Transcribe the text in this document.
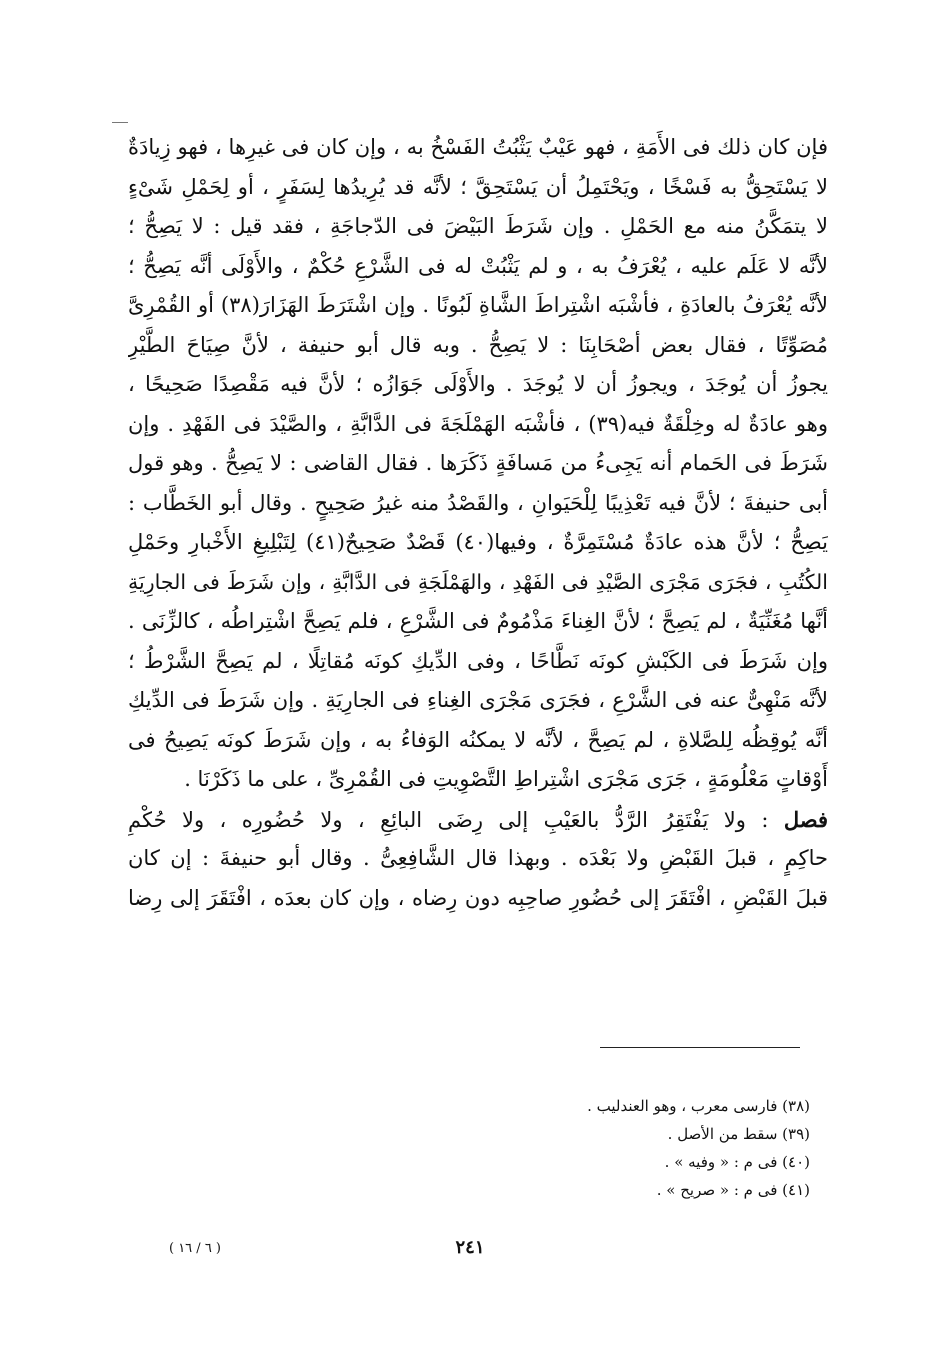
فإن كان ذلك فى الأَمَةِ ، فهو عَيْبٌ يَثْبُتُ الفَسْخُ به ، وإن كان فى غيرِها ، فهو زِيادَةٌ
لا يَسْتَحِقُّ به فَسْخًا ، ويَحْتَمِلُ أن يَسْتَحِقَّ ؛ لأنَّه قد يُرِيدُها لِسَفَرٍ ، أو لِحَمْلِ شَىْءٍ
لا يتمَكَّنُ منه مع الحَمْلِ . وإن شَرَطَ البَيْضَ فى الدّجاجَةِ ، فقد قيل : لا يَصِحُّ ؛
لأنَّه لا عَلَم عليه ، يُعْرَفُ به ، و لم يَثْبُتْ له فى الشَّرْعِ حُكْمٌ ، والأَوْلَى أنَّه يَصِحُّ ؛
لأنَّه يُعْرَفُ بالعادَةِ ، فأشْبَه اشْتِراطَ الشَّاةِ لَبُونًا . وإن اشْتَرَطَ الهَزَارَ(٣٨) أو القُمْرِىَّ
مُصَوِّتًا ، فقال بعض أصْحَابِنَا : لا يَصِحُّ . وبه قال أبو حنيفة ، لأنَّ صِيَاحَ الطَّيْرِ
يجوزُ أن يُوجَدَ ، ويجوزُ أن لا يُوجَدَ . والأَوْلَى جَوَازُه ؛ لأنَّ فيه مَقْصِدًا صَحِيحًا ،
وهو عادَةٌ له وخِلْقَةٌ فيه(٣٩) ، فأشْبَه الهَمْلَجَةَ فى الدَّابَّةِ ، والصَّيْدَ فى الفَهْدِ . وإن
شَرَطَ فى الحَمام أنه يَجِىءُ من مَسافَةٍ ذَكَرَها . فقال القاضى : لا يَصِحُّ . وهو قول
أبى حنيفةَ ؛ لأنَّ فيه تَعْذِيبًا لِلْحَيَوانِ ، والقَصْدُ منه غيرُ صَحِيحٍ . وقال أبو الخَطَّاب :
يَصِحُّ ؛ لأنَّ هذه عادَةٌ مُسْتَمِرَّةٌ ، وفيها(٤٠) قَصْدٌ صَحِيحٌ(٤١) لِتَبْلِيغِ الأَخْبارِ وحَمْلِ
الكُتُبِ ، فجَرَى مَجْرَى الصَّيْدِ فى الفَهْدِ ، والهَمْلَجَةِ فى الدَّابَّةِ ، وإن شَرَطَ فى الجارِيَةِ
أنَّها مُغَنِّيَةٌ ، لم يَصِحَّ ؛ لأنَّ الغِناءَ مَذْمُومٌ فى الشَّرْعِ ، فلم يَصِحَّ اشْتِراطُه ، كالزِّنَى .
وإن شَرَطَ فى الكَبْشِ كونَه نَطَّاحًا ، وفى الدِّيكِ كونَه مُقاتِلًا ، لم يَصِحَّ الشَّرْطُ ؛
لأنَّه مَنْهِىٌّ عنه فى الشَّرْعِ ، فجَرَى مَجْرَى الغِناءِ فى الجارِيَةِ . وإن شَرَطَ فى الدِّيكِ
أنَّه يُوقِظُه لِلصَّلاةِ ، لم يَصِحَّ ، لأنَّه لا يمكنُه الوَفاءُ به ، وإن شَرَطَ كونَه يَصِيحُ فى
أَوْقاتٍ مَعْلُومَةٍ ، جَرَى مَجْرَى اشْتِراطِ التَّصْوِيتِ فى القُمْرِىِّ ، على ما ذَكَرْنَا .
فصل : ولا يَفْتَقِرُ الرَّدُّ بالعَيْبِ إلى رِضَى البائِعِ ، ولا حُضُورِه ، ولا حُكْمِ
حاكِمٍ ، قبلَ القَبْضِ ولا بَعْدَه . وبهذا قال الشَّافِعِىُّ . وقال أبو حنيفةَ : إن كان
قبلَ القَبْضِ ، افْتَقَرَ إلى حُضُورِ صاحِبِه دون رِضاه ، وإن كان بعدَه ، افْتَقَرَ إلى رِضا
(٣٨) فارسى معرب ، وهو العندليب .
(٣٩) سقط من الأصل .
(٤٠) فى م : « وفيه » .
(٤١) فى م : « صريح » .
٢٤١
( ٦ / ١٦ )
